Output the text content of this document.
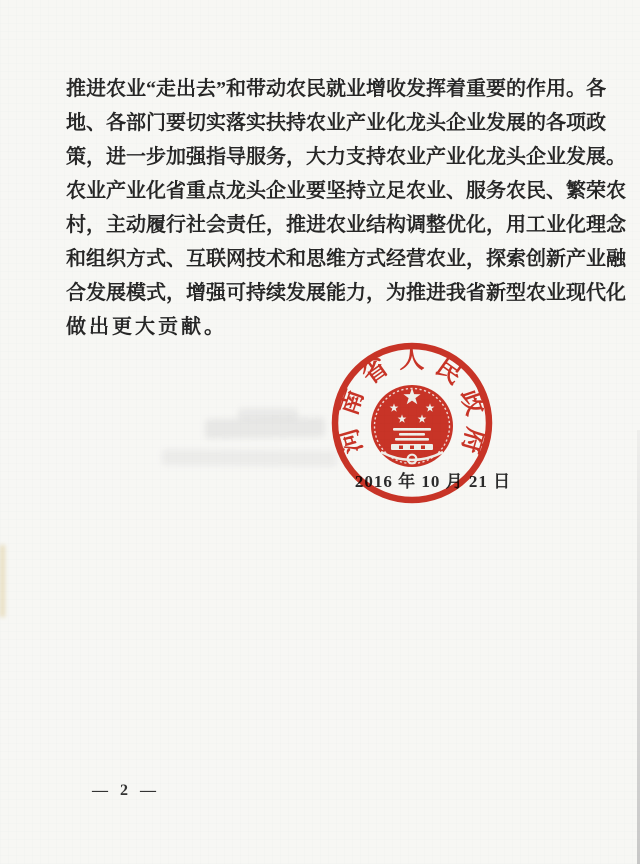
推进农业“走出去”和带动农民就业增收发挥着重要的作用。各
地、各部门要切实落实扶持农业产业化龙头企业发展的各项政
策，进一步加强指导服务，大力支持农业产业化龙头企业发展。
农业产业化省重点龙头企业要坚持立足农业、服务农民、繁荣农
村，主动履行社会责任，推进农业结构调整优化，用工业化理念
和组织方式、互联网技术和思维方式经营农业，探索创新产业融
合发展模式，增强可持续发展能力，为推进我省新型农业现代化
做出更大贡献。
2016 年 10 月 21 日
河
南
省 人 民
政
府
— 2 —
